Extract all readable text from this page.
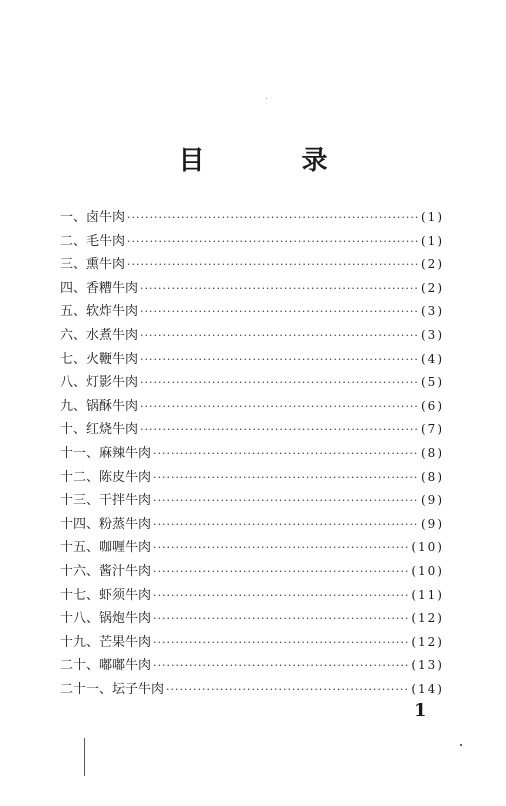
目 录
一、 卤牛肉 ·····	(1)
二、 毛牛肉 ·····	(1)
三、 熏牛肉 ·····	(2)
四、 香糟牛肉 ·····	(2)
五、 软炸牛肉 ·····	(3)
六、 水煮牛肉 ·····	(3)
七、 火鞭牛肉 ·····	(4)
八、 灯影牛肉 ·····	(5)
九、 锅酥牛肉 ·····	(6)
十、 红烧牛肉 ·····	(7)
十一、 麻辣牛肉 ·····	(8)
十二、 陈皮牛肉 ·····	(8)
十三、 干拌牛肉 ·····	(9)
十四、 粉蒸牛肉 ·····	(9)
十五、 咖喱牛肉 ·····	(10)
十六、 酱汁牛肉 ·····	(10)
十七、 虾须牛肉 ·····	(11)
十八、 锅炮牛肉 ·····	(12)
十九、 芒果牛肉 ·····	(12)
二十、 嘟嘟牛肉 ·····	(13)
二十一、 坛子牛肉 ·····	(14)
1
